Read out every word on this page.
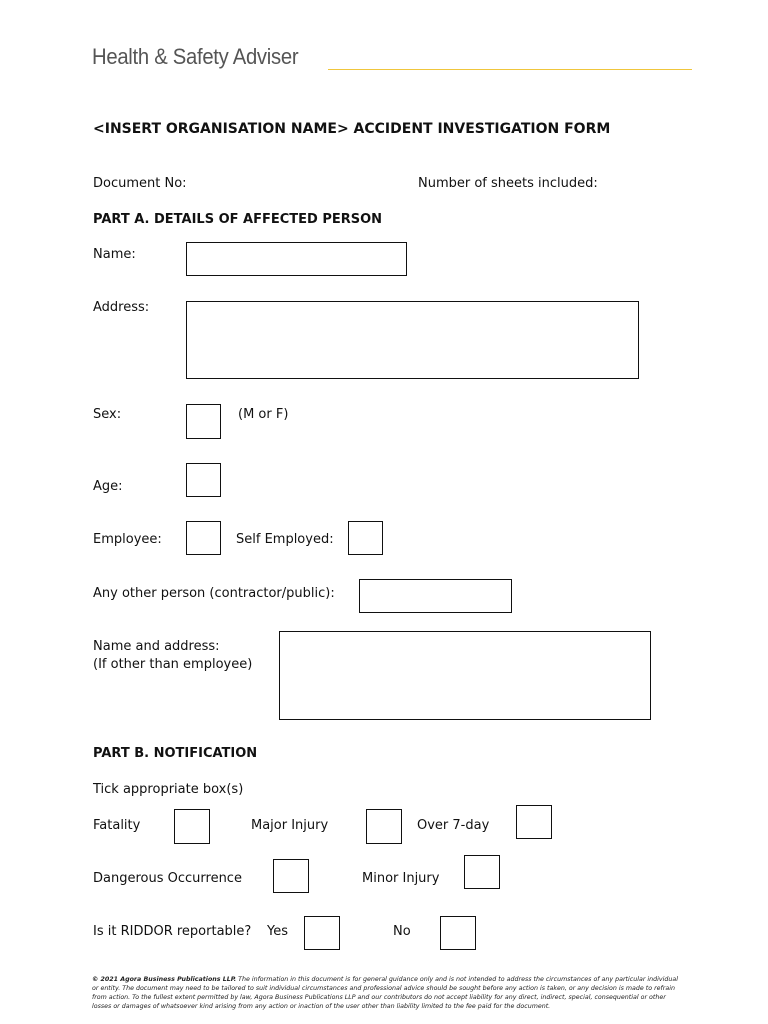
Health & Safety Adviser
<INSERT ORGANISATION NAME> ACCIDENT INVESTIGATION FORM
Document No:	Number of sheets included:
PART A. DETAILS OF AFFECTED PERSON
Name:
Address:
Sex:	(M or F)
Age:
Employee:	Self Employed:
Any other person (contractor/public):
Name and address:
(If other than employee)
PART B. NOTIFICATION
Tick appropriate box(s)
Fatality	Major Injury	Over 7-day
Dangerous Occurrence	Minor Injury
Is it RIDDOR reportable? Yes	No
© 2021 Agora Business Publications LLP. The information in this document is for general guidance only and is not intended to address the circumstances of any particular individual or entity. The document may need to be tailored to suit individual circumstances and professional advice should be sought before any action is taken, or any decision is made to refrain from action. To the fullest extent permitted by law, Agora Business Publications LLP and our contributors do not accept liability for any direct, indirect, special, consequential or other losses or damages of whatsoever kind arising from any action or inaction of the user other than liability limited to the fee paid for the document.
